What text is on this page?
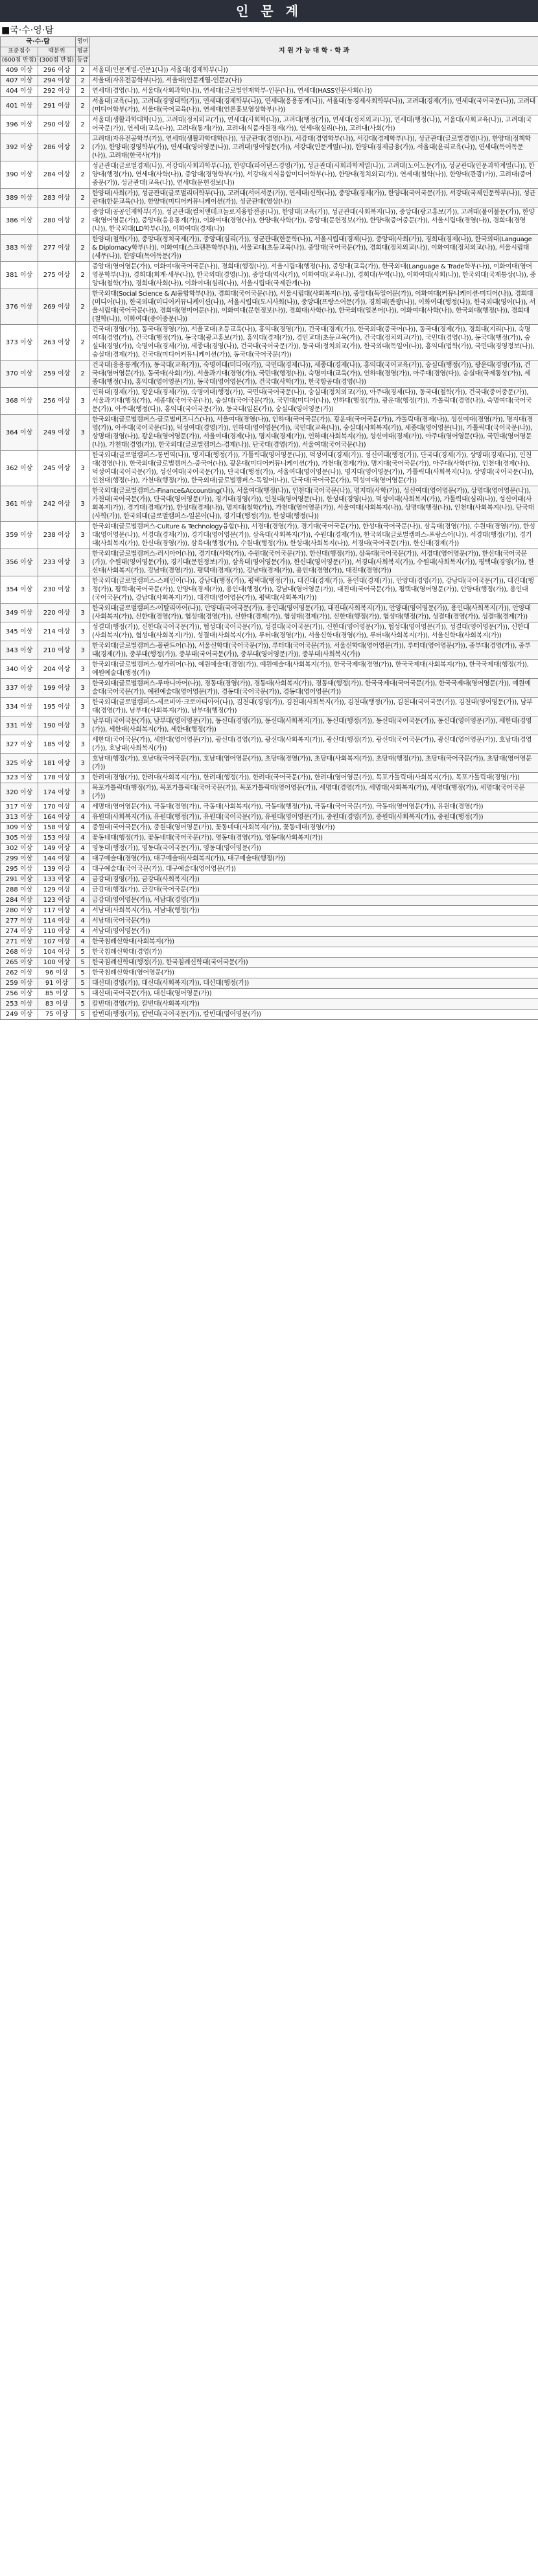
인 문 계
■국·수·영·탐
국·수·탐		영어	지 원 가 능 대 학 · 학 과
표준점수	백분위	평균	
(600점 만점)	(300점 만점)	등급	

409 이상	296 이상	2	서울대(인문계열-인문1(나)) 서울대(경제학부(나))
407 이상	294 이상	2	서울대(자유전공학부(나)), 서울대(인문계열-인문2(나))
404 이상	292 이상	2	연세대(경영(나)), 서울대(사회과학(나)), 연세대(글로벌인재학부-인문(나)), 연세대(HASS인문사회(나))
401 이상	291 이상	2	서울대(교육(나)), 고려대(경영대학(가)), 연세대(경제학부(나)), 연세대(응용통계(나)), 서울대(농경제사회학부(나)), 고려대(경제(가)), 연세대(국어국문(나)), 고려대(미디어학부(가)), 서울대(국어교육(나)), 연세대(언론홍보영상학부(나))
396 이상	290 이상	2	서울대(생활과학대학(나)), 고려대(정치외교(가)), 연세대(사회학(나)), 고려대(행정(가)), 연세대(정치외교(나)), 연세대(행정(나)), 서울대(사회교육(나)), 고려대(국어국문(가)), 연세대(교육(나)), 고려대(통계(가)), 고려대(식품자원경제(가)), 연세대(심리(나)), 고려대(사회(가))
392 이상	286 이상	2	고려대(자유전공학부(가)), 연세대(생활과학대학(나)), 성균관대(경영(나)), 서강대(경영학부(나)), 서강대(경제학부(나)), 성균관대(글로벌경영(나)), 한양대(정책학(가)), 한양대(경영학부(가)), 연세대(영어영문(나)), 고려대(영어영문(가)), 서강대(인문계열(나)), 한양대(경제금융(가)), 서울대(윤리교육(나)), 연세대(독어독문(나)), 고려대(한국사(가))
390 이상	284 이상	2	성균관대(글로벌경제(나)), 서강대(사회과학부(나)), 한양대(파이낸스경영(가)), 성균관대(사회과학계열(나)), 고려대(노어노문(가)), 성균관대(인문과학계열(나)), 한양대(행정(가)), 연세대(사학(나)), 중앙대(경영학부(가)), 서강대(지식융합미디어학부(나)), 한양대(정치외교(가)), 연세대(철학(나)), 한양대(관광(가)), 고려대(중어중문(가)), 성균관대(교육(나)), 연세대(문헌정보(나))
389 이상	283 이상	2	한양대(사회(가)), 성균관대(글로벌리더학부(나)), 고려대(서어서문(가)), 연세대(신학(나)), 중앙대(경제(가)), 한양대(국어국문(가)), 서강대(국제인문학부(나)), 성균관대(한문교육(나)), 한양대(미디어커뮤니케이션(가)), 성균관대(영상(나))
386 이상	280 이상	2	중앙대(공공인재학부(가)), 성균관대(컬처앤테크놀로지융합전공(나)), 한양대(교육(가)), 성균관대(사회복지(나)), 중앙대(광고홍보(가)), 고려대(불어불문(가)), 한양대(영어영문(가)), 중앙대(응용통계(가)), 이화여대(경영(나)), 한양대(사학(가)), 중앙대(문헌정보(가)), 한양대(중어중문(가)), 서울시립대(경영(나)), 경희대(경영(나)), 한국외대(LD학부(나)), 이화여대(경제(나))
383 이상	277 이상	2	한양대(철학(가)), 중앙대(정치국제(가)), 중앙대(심리(가)), 성균관대(한문학(나)), 서울시립대(경제(나)), 중앙대(사회(가)), 경희대(경제(나)), 한국외대(Language & Diplomacy학부(나)), 이화여대(스크랜튼학부(나)), 서울교대(초등교육(나)), 중앙대(국어국문(가)), 경희대(정치외교(나)), 이화여대(정치외교(나)), 서울시립대(세무(나)), 한양대(독어독문(가))
381 이상	275 이상	2	중앙대(영어영문(가)), 이화여대(국어국문(나)), 경희대(행정(나)), 서울시립대(행정(나)), 중앙대(교육(가)), 한국외대(Language & Trade학부(나)), 이화여대(영어영문학부(나)), 경희대(회계·세무(나)), 한국외대(경영(나)), 중앙대(역사(가)), 이화여대(교육(나)), 경희대(무역(나)), 이화여대(사회(나)), 한국외대(국제통상(나)), 중앙대(철학(가)), 경희대(사회(나)), 이화여대(심리(나)), 서울시립대(국제관계(나))
376 이상	269 이상	2	한국외대(Social Science & AI융합학부(나)), 경희대(국어국문(나)), 서울시립대(사회복지(나)), 중앙대(독일어문(가)), 이화여대(커뮤니케이션·미디어(나)), 경희대(미디어(나)), 한국외대(미디어커뮤니케이션(나)), 서울시립대(도시사회(나)), 중앙대(프랑스어문(가)), 경희대(관광(나)), 이화여대(행정(나)), 한국외대(영어(나)), 서울시립대(국어국문(나)), 경희대(영미어문(나)), 이화여대(문헌정보(나)), 경희대(사학(나)), 한국외대(일본어(나)), 이화여대(사학(나)), 한국외대(행정(나)), 경희대(철학(나)), 이화여대(중어중문(나))
373 이상	263 이상	2	건국대(경영(가)), 동국대(경영(가)), 서울교대(초등교육(나)), 홍익대(경영(가)), 건국대(경제(가)), 한국외대(중국어(나)), 동국대(경제(가)), 경희대(지리(나)), 숙명여대(경영(가)), 건국대(행정(가)), 동국대(광고홍보(가)), 홍익대(경제(가)), 경인교대(초등교육(가)), 건국대(정치외교(가)), 국민대(경영(나)), 동국대(행정(가)), 숭실대(경영(가)), 숙명여대(경제(가)), 세종대(경영(나)), 건국대(국어국문(가)), 동국대(정치외교(가)), 한국외대(독일어(나)), 홍익대(법학(가)), 국민대(경영정보(나)), 숭실대(경제(가)), 건국대(미디어커뮤니케이션(가)), 동국대(국어국문(가))
370 이상	259 이상	2	건국대(응용통계(가)), 동국대(교육(가)), 숙명여대(미디어(가)), 국민대(경제(나)), 세종대(경제(나)), 홍익대(국어교육(가)), 숭실대(행정(가)), 광운대(경영(가)), 건국대(영어영문(가)), 동국대(사회(가)), 서울과기대(경영(가)), 국민대(행정(나)), 숙명여대(교육(가)), 인하대(경영(가)), 아주대(경영(다)), 숭실대(국제통상(가)), 세종대(행정(나)), 홍익대(영어영문(가)), 동국대(영어영문(가)), 건국대(사학(가)), 한국항공대(경영(나))
368 이상	256 이상	3	인하대(경제(가)), 광운대(경제(가)), 숙명여대(행정(가)), 국민대(국어국문(나)), 숭실대(정치외교(가)), 아주대(경제(다)), 동국대(철학(가)), 건국대(중어중문(가)), 서울과기대(행정(가)), 세종대(국어국문(나)), 숭실대(국어국문(가)), 국민대(미디어(나)), 인하대(행정(가)), 광운대(행정(가)), 가톨릭대(경영(나)), 숙명여대(국어국문(가)), 아주대(행정(다)), 홍익대(국어국문(가)), 동국대(일본(가)), 숭실대(영어영문(가))
364 이상	249 이상	3	한국외대(글로벌캠퍼스-글로벌비즈니스(나)), 서울여대(경영(나)), 인하대(국어국문(가)), 광운대(국어국문(가)), 가톨릭대(경제(나)), 성신여대(경영(가)), 명지대(경영(가)), 아주대(국어국문(다)), 덕성여대(경영(가)), 인하대(영어영문(가)), 국민대(교육(나)), 숭실대(사회복지(가)), 세종대(영어영문(나)), 가톨릭대(국어국문(나)), 상명대(경영(나)), 광운대(영어영문(가)), 서울여대(경제(나)), 명지대(경제(가)), 인하대(사회복지(가)), 성신여대(경제(가)), 아주대(영어영문(다)), 국민대(영어영문(나)), 가천대(경영(가)), 한국외대(글로벌캠퍼스-경제(나)), 단국대(경영(가)), 서울여대(국어국문(나))
362 이상	245 이상	3	한국외대(글로벌캠퍼스-통번역(나)), 명지대(행정(가)), 가톨릭대(영어영문(나)), 덕성여대(경제(가)), 성신여대(행정(가)), 단국대(경제(가)), 상명대(경제(나)), 인천대(경영(나)), 한국외대(글로벌캠퍼스-중국어(나)), 광운대(미디어커뮤니케이션(가)), 가천대(경제(가)), 명지대(국어국문(가)), 아주대(사학(다)), 인천대(경제(나)), 덕성여대(국어국문(가)), 성신여대(국어국문(가)), 단국대(행정(가)), 서울여대(영어영문(나)), 명지대(영어영문(가)), 가톨릭대(사회복지(나)), 상명대(국어국문(나)), 인천대(행정(나)), 가천대(행정(가)), 한국외대(글로벌캠퍼스-독일어(나)), 단국대(국어국문(가)), 덕성여대(영어영문(가))
361 이상	242 이상	3	한국외대(글로벌캠퍼스-Finance&Accounting(나)), 서울여대(행정(나)), 인천대(국어국문(나)), 명지대(사학(가)), 성신여대(영어영문(가)), 상명대(영어영문(나)), 가천대(국어국문(가)), 단국대(영어영문(가)), 경기대(경영(가)), 인천대(영어영문(나)), 한성대(경영(나)), 덕성여대(사회복지(가)), 가톨릭대(심리(나)), 성신여대(사회복지(가)), 경기대(경제(가)), 한성대(경제(나)), 명지대(철학(가)), 가천대(영어영문(가)), 서울여대(사회복지(나)), 상명대(행정(나)), 인천대(사회복지(나)), 단국대(사학(가)), 한국외대(글로벌캠퍼스-일본어(나)), 경기대(행정(가)), 한성대(행정(나))
359 이상	238 이상	3	한국외대(글로벌캠퍼스-Culture & Technology융합(나)), 서경대(경영(가)), 경기대(국어국문(가)), 한성대(국어국문(나)), 삼육대(경영(가)), 수원대(경영(가)), 한성대(영어영문(나)), 서경대(경제(가)), 경기대(영어영문(가)), 삼육대(사회복지(가)), 수원대(경제(가)), 한국외대(글로벌캠퍼스-프랑스어(나)), 서경대(행정(가)), 경기대(사회복지(가)), 한신대(경영(가)), 삼육대(행정(가)), 수원대(행정(가)), 한성대(사회복지(나)), 서경대(국어국문(가)), 한신대(경제(가))
356 이상	233 이상	3	한국외대(글로벌캠퍼스-러시아어(나)), 경기대(사학(가)), 수원대(국어국문(가)), 한신대(행정(가)), 삼육대(국어국문(가)), 서경대(영어영문(가)), 한신대(국어국문(가)), 수원대(영어영문(가)), 경기대(문헌정보(가)), 삼육대(영어영문(가)), 한신대(영어영문(가)), 서경대(사회복지(가)), 수원대(사회복지(가)), 평택대(경영(가)), 한신대(사회복지(가)), 강남대(경영(가)), 평택대(경제(가)), 강남대(경제(가)), 용인대(경영(가)), 대진대(경영(가))
354 이상	230 이상	3	한국외대(글로벌캠퍼스-스페인어(나)), 강남대(행정(가)), 평택대(행정(가)), 대진대(경제(가)), 용인대(경제(가)), 안양대(경영(가)), 강남대(국어국문(가)), 대진대(행정(가)), 평택대(국어국문(가)), 안양대(경제(가)), 용인대(행정(가)), 강남대(영어영문(가)), 대진대(국어국문(가)), 평택대(영어영문(가)), 안양대(행정(가)), 용인대(국어국문(가)), 강남대(사회복지(가)), 대진대(영어영문(가)), 평택대(사회복지(가))
349 이상	220 이상	3	한국외대(글로벌캠퍼스-이탈리아어(나)), 안양대(국어국문(가)), 용인대(영어영문(가)), 대진대(사회복지(가)), 안양대(영어영문(가)), 용인대(사회복지(가)), 안양대(사회복지(가)), 신한대(경영(가)), 협성대(경영(가)), 신한대(경제(가)), 협성대(경제(가)), 신한대(행정(가)), 협성대(행정(가)), 성결대(경영(가)), 성결대(경제(가))
345 이상	214 이상	3	성결대(행정(가)), 신한대(국어국문(가)), 협성대(국어국문(가)), 성결대(국어국문(가)), 신한대(영어영문(가)), 협성대(영어영문(가)), 성결대(영어영문(가)), 신한대(사회복지(가)), 협성대(사회복지(가)), 성결대(사회복지(가)), 루터대(경영(가)), 서울신학대(경영(가)), 루터대(사회복지(가)), 서울신학대(사회복지(가))
343 이상	210 이상	3	한국외대(글로벌캠퍼스-폴란드어(나)), 서울신학대(국어국문(가)), 루터대(국어국문(가)), 서울신학대(영어영문(가)), 루터대(영어영문(가)), 중부대(경영(가)), 중부대(경제(가)), 중부대(행정(가)), 중부대(국어국문(가)), 중부대(영어영문(가)), 중부대(사회복지(가))
340 이상	204 이상	3	한국외대(글로벌캠퍼스-헝가리어(나)), 예원예술대(경영(가)), 예원예술대(사회복지(가)), 한국국제대(경영(가)), 한국국제대(사회복지(가)), 한국국제대(행정(가)), 예원예술대(행정(가))
337 이상	199 이상	3	한국외대(글로벌캠퍼스-루마니아어(나)), 경동대(경영(가)), 경동대(사회복지(가)), 경동대(행정(가)), 한국국제대(국어국문(가)), 한국국제대(영어영문(가)), 예원예술대(국어국문(가)), 예원예술대(영어영문(가)), 경동대(국어국문(가)), 경동대(영어영문(가))
334 이상	195 이상	3	한국외대(글로벌캠퍼스-세르비아·크로아티아어(나)), 김천대(경영(가)), 김천대(사회복지(가)), 김천대(행정(가)), 김천대(국어국문(가)), 김천대(영어영문(가)), 남부대(경영(가)), 남부대(사회복지(가)), 남부대(행정(가))
331 이상	190 이상	3	남부대(국어국문(가)), 남부대(영어영문(가)), 동신대(경영(가)), 동신대(사회복지(가)), 동신대(행정(가)), 동신대(국어국문(가)), 동신대(영어영문(가)), 세한대(경영(가)), 세한대(사회복지(가)), 세한대(행정(가))
327 이상	185 이상	3	세한대(국어국문(가)), 세한대(영어영문(가)), 광신대(경영(가)), 광신대(사회복지(가)), 광신대(행정(가)), 광신대(국어국문(가)), 광신대(영어영문(가)), 호남대(경영(가)), 호남대(사회복지(가))
325 이상	181 이상	3	호남대(행정(가)), 호남대(국어국문(가)), 호남대(영어영문(가)), 초당대(경영(가)), 초당대(사회복지(가)), 초당대(행정(가)), 초당대(국어국문(가)), 초당대(영어영문(가))
323 이상	178 이상	3	한려대(경영(가)), 한려대(사회복지(가)), 한려대(행정(가)), 한려대(국어국문(가)), 한려대(영어영문(가)), 목포가톨릭대(사회복지(가)), 목포가톨릭대(경영(가))
320 이상	174 이상	3	목포가톨릭대(행정(가)), 목포가톨릭대(국어국문(가)), 목포가톨릭대(영어영문(가)), 세명대(경영(가)), 세명대(사회복지(가)), 세명대(행정(가)), 세명대(국어국문(가))
317 이상	170 이상	4	세명대(영어영문(가)), 극동대(경영(가)), 극동대(사회복지(가)), 극동대(행정(가)), 극동대(국어국문(가)), 극동대(영어영문(가)), 유원대(경영(가))
313 이상	164 이상	4	유원대(사회복지(가)), 유원대(행정(가)), 유원대(국어국문(가)), 유원대(영어영문(가)), 중원대(경영(가)), 중원대(사회복지(가)), 중원대(행정(가))
309 이상	158 이상	4	중원대(국어국문(가)), 중원대(영어영문(가)), 꽃동네대(사회복지(가)), 꽃동네대(경영(가))
305 이상	153 이상	4	꽃동네대(행정(가)), 꽃동네대(국어국문(가)), 영동대(경영(가)), 영동대(사회복지(가))
302 이상	149 이상	4	영동대(행정(가)), 영동대(국어국문(가)), 영동대(영어영문(가))
299 이상	144 이상	4	대구예술대(경영(가)), 대구예술대(사회복지(가)), 대구예술대(행정(가))
295 이상	139 이상	4	대구예술대(국어국문(가)), 대구예술대(영어영문(가))
291 이상	133 이상	4	금강대(경영(가)), 금강대(사회복지(가))
288 이상	129 이상	4	금강대(행정(가)), 금강대(국어국문(가))
284 이상	123 이상	4	금강대(영어영문(가)), 서남대(경영(가))
280 이상	117 이상	4	서남대(사회복지(가)), 서남대(행정(가))
277 이상	114 이상	4	서남대(국어국문(가))
274 이상	110 이상	4	서남대(영어영문(가))
271 이상	107 이상	4	한국침례신학대(사회복지(가))
268 이상	104 이상	5	한국침례신학대(경영(가))
265 이상	100 이상	5	한국침례신학대(행정(가)), 한국침례신학대(국어국문(가))
262 이상	96 이상	5	한국침례신학대(영어영문(가))
259 이상	91 이상	5	대신대(경영(가)), 대신대(사회복지(가)), 대신대(행정(가))
256 이상	85 이상	5	대신대(국어국문(가)), 대신대(영어영문(가))
253 이상	83 이상	5	칼빈대(경영(가)), 칼빈대(사회복지(가))
249 이상	75 이상	5	칼빈대(행정(가)), 칼빈대(국어국문(가)), 칼빈대(영어영문(가))
